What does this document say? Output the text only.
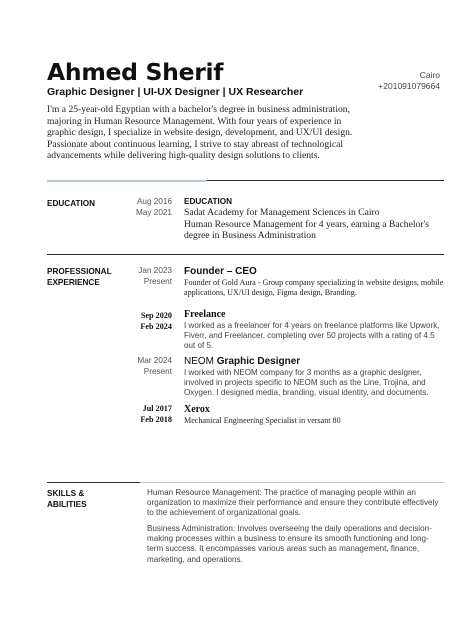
Ahmed Sherif
Graphic Designer | UI-UX Designer | UX Researcher
Cairo
+201091079664
I'm a 25-year-old Egyptian with a bachelor's degree in business administration, majoring in Human Resource Management. With four years of experience in graphic design, I specialize in website design, development, and UX/UI design. Passionate about continuous learning, I strive to stay abreast of technological advancements while delivering high-quality design solutions to clients.
EDUCATION	Aug 2016
May 2021
EDUCATION
Sadat Academy for Management Sciences in Cairo
Human Resource Management for 4 years, earning a Bachelor's degree in Business Administration
PROFESSIONAL
EXPERIENCE
Jan 2023
Present
Founder – CEO
Founder of Gold Aura - Group company specializing in website designs, mobile applications, UX/UI design, Figma design, Branding.
Sep 2020
Feb 2024
Freelance
I worked as a freelancer for 4 years on freelance platforms like Upwork, Fiverr, and Freelancer, completing over 50 projects with a rating of 4.5 out of 5.
Mar 2024
Present
NEOM Graphic Designer
I worked with NEOM company for 3 months as a graphic designer, involved in projects specific to NEOM such as the Line, Trojina, and Oxygen. I designed media, branding, visual identity, and documents.
Jul 2017
Feb 2018
Xerox
Mechanical Engineering Specialist in versant 80
SKILLS &
ABILITIES
Human Resource Management: The practice of managing people within an organization to maximize their performance and ensure they contribute effectively to the achievement of organizational goals.
Business Administration: Involves overseeing the daily operations and decision-making processes within a business to ensure its smooth functioning and long-term success. It encompasses various areas such as management, finance, marketing, and operations.
